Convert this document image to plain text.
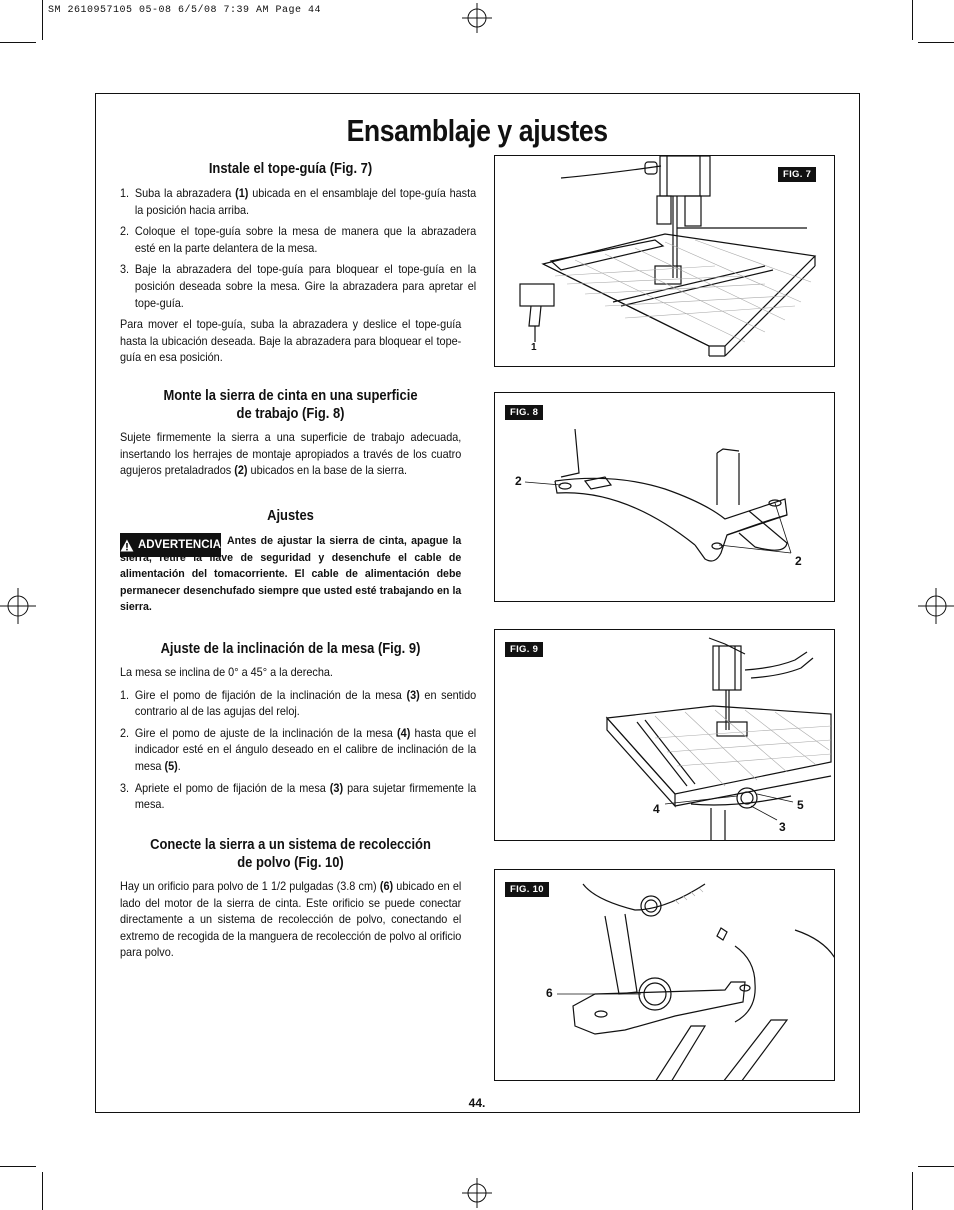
SM 2610957105 05-08 6/5/08 7:39 AM Page 44
Ensamblaje y ajustes
Instale el tope-guía (Fig. 7)
1. Suba la abrazadera (1) ubicada en el ensamblaje del tope-guía hasta la posición hacia arriba.
2. Coloque el tope-guía sobre la mesa de manera que la abrazadera esté en la parte delantera de la mesa.
3. Baje la abrazadera del tope-guía para bloquear el tope-guía en la posición deseada sobre la mesa. Gire la abrazadera para apretar el tope-guía.

Para mover el tope-guía, suba la abrazadera y deslice el tope-guía hasta la ubicación deseada. Baje la abrazadera para bloquear el tope-guía en esa posición.

Monte la sierra de cinta en una superficie
de trabajo (Fig. 8)

Sujete firmemente la sierra a una superficie de trabajo adecuada, insertando los herrajes de montaje apropiados a través de los cuatro agujeros pretaladrados (2) ubicados en la base de la sierra.

Ajustes
ADVERTENCIA Antes de ajustar la sierra de cinta, apague la sierra, retire la llave de seguridad y desenchufe el cable de alimentación del tomacorriente. El cable de alimentación debe permanecer desenchufado siempre que usted esté trabajando en la sierra.

Ajuste de la inclinación de la mesa (Fig. 9)

La mesa se inclina de 0° a 45° a la derecha.

1. Gire el pomo de fijación de la inclinación de la mesa (3) en sentido contrario al de las agujas del reloj.
2. Gire el pomo de ajuste de la inclinación de la mesa (4) hasta que el indicador esté en el ángulo deseado en el calibre de inclinación de la mesa (5).
3. Apriete el pomo de fijación de la mesa (3) para sujetar firmemente la mesa.
Conecte la sierra a un sistema de recolección
de polvo (Fig. 10)

Hay un orificio para polvo de 1 1/2 pulgadas (3.8 cm) (6) ubicado en el lado del motor de la sierra de cinta. Este orificio se puede conectar directamente a un sistema de recolección de polvo, conectando el extremo de recogida de la manguera de recolección de polvo al orificio para polvo.

FIG. 7
1
FIG. 8
2
2
FIG. 9
4	5
3
FIG. 10
6
44.
